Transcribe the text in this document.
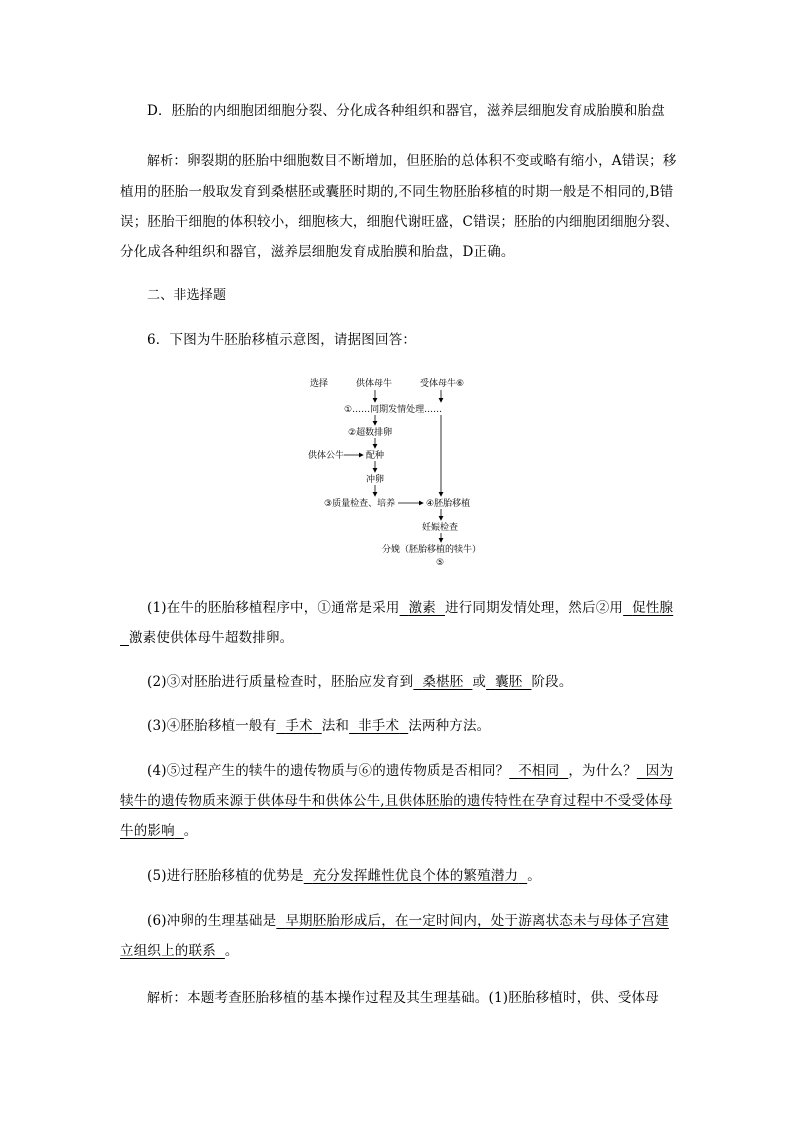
D．胚胎的内细胞团细胞分裂、分化成各种组织和器官，滋养层细胞发育成胎膜和胎盘

解析：卵裂期的胚胎中细胞数目不断增加，但胚胎的总体积不变或略有缩小，A错误；移植用的胚胎一般取发育到桑椹胚或囊胚时期的,不同生物胚胎移植的时期一般是不相同的,B错误；胚胎干细胞的体积较小，细胞核大，细胞代谢旺盛，C错误；胚胎的内细胞团细胞分裂、分化成各种组织和器官，滋养层细胞发育成胎膜和胎盘，D正确。

二、非选择题

6．下图为牛胚胎移植示意图，请据图回答：

选择	供体母牛	受体母牛⑥
①……同期发情处理……
②超数排卵
供体公牛 配种
冲卵
③质量检查、培养	④胚胎移植
妊娠检查
分娩（胚胎移植的犊牛）
⑤

(1)在牛的胚胎移植程序中，①通常是采用 激素 进行同期发情处理，然后②用 促性腺  激素使供体母牛超数排卵。

(2)③对胚胎进行质量检查时，胚胎应发育到 桑椹胚 或 囊胚 阶段。

(3)④胚胎移植一般有 手术 法和 非手术 法两种方法。

(4)⑤过程产生的犊牛的遗传物质与⑥的遗传物质是否相同？ 不相同 ，为什么？ 因为犊牛的遗传物质来源于供体母牛和供体公牛,且供体胚胎的遗传特性在孕育过程中不受受体母牛的影响 。

(5)进行胚胎移植的优势是 充分发挥雌性优良个体的繁殖潜力 。

(6)冲卵的生理基础是 早期胚胎形成后，在一定时间内，处于游离状态未与母体子宫建立组织上的联系 。

解析：本题考查胚胎移植的基本操作过程及其生理基础。(1)胚胎移植时，供、受体母
